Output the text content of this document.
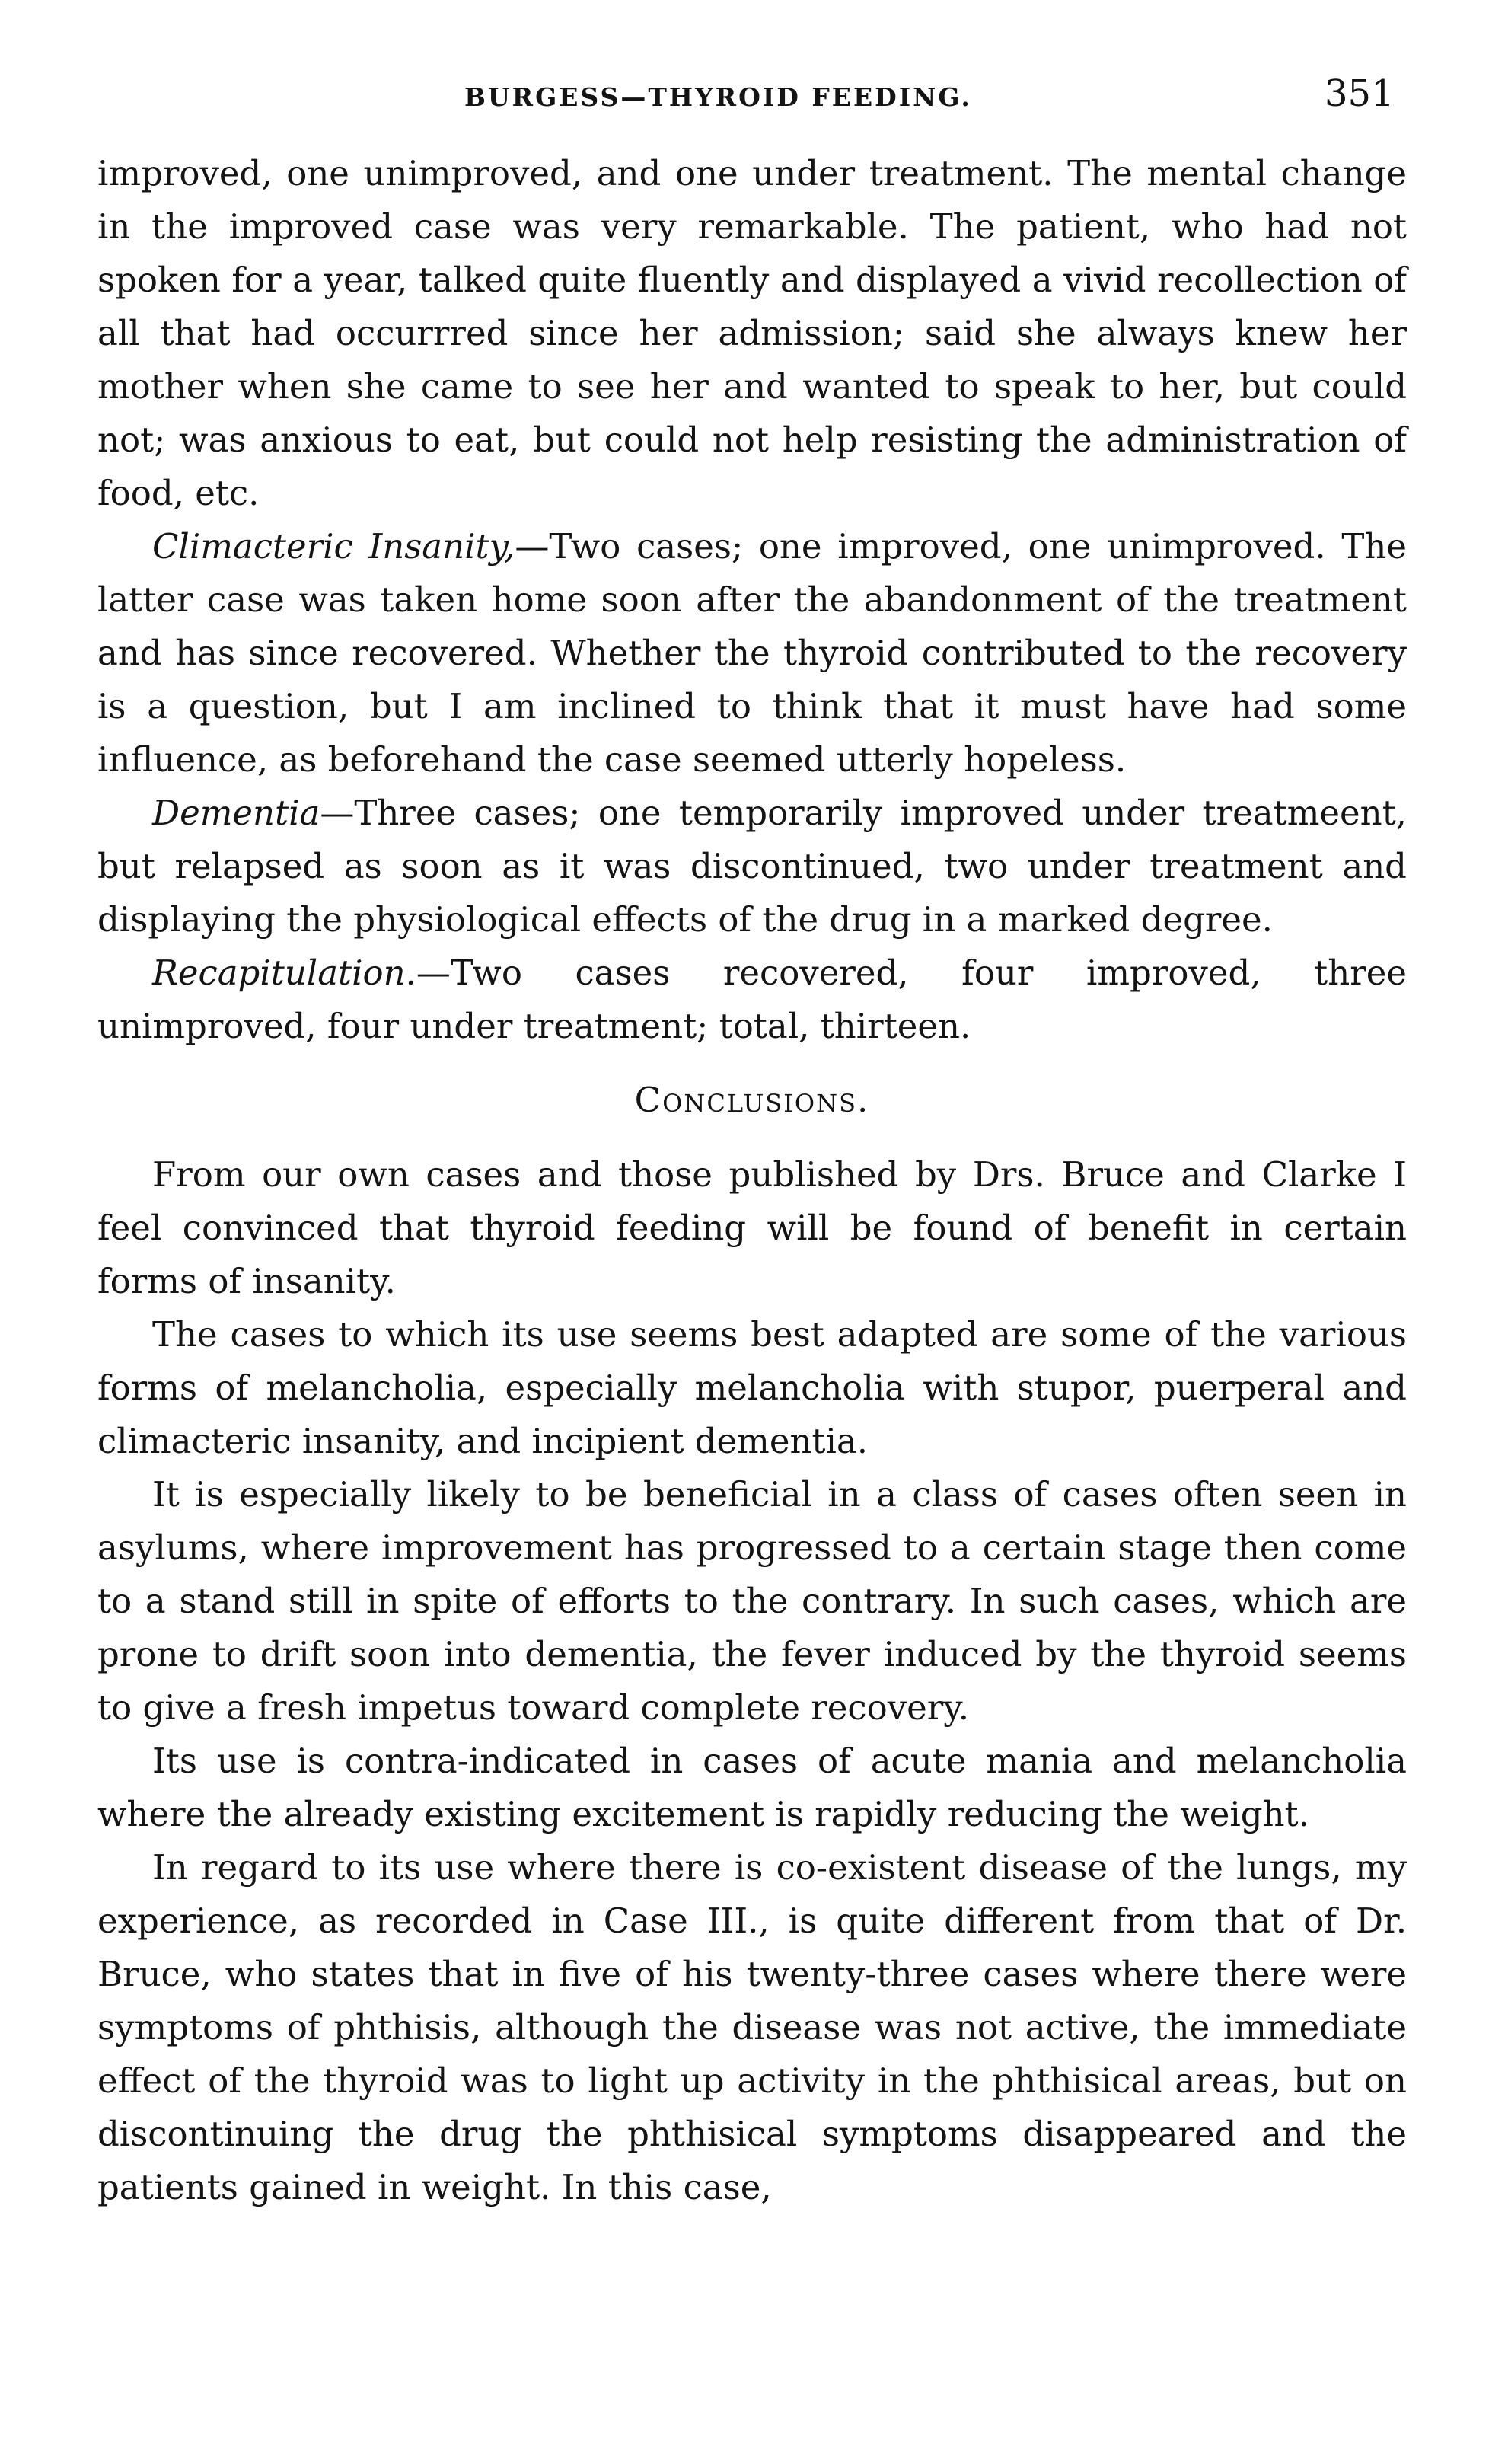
BURGESS—THYROID FEEDING.	351

improved, one unimproved, and one under treatment. The mental change in the improved case was very remarkable. The patient, who had not spoken for a year, talked quite fluently and displayed a vivid recollection of all that had occurrred since her admission; said she always knew her mother when she came to see her and wanted to speak to her, but could not; was anxious to eat, but could not help resisting the administration of food, etc.

Climacteric Insanity,—Two cases; one improved, one unimproved. The latter case was taken home soon after the abandonment of the treatment and has since recovered. Whether the thyroid contributed to the recovery is a question, but I am inclined to think that it must have had some influence, as beforehand the case seemed utterly hopeless.

Dementia—Three cases; one temporarily improved under treatmeent, but relapsed as soon as it was discontinued, two under treatment and displaying the physiological effects of the drug in a marked degree.

Recapitulation.—Two cases recovered, four improved, three unimproved, four under treatment; total, thirteen.

Conclusions.

From our own cases and those published by Drs. Bruce and Clarke I feel convinced that thyroid feeding will be found of benefit in certain forms of insanity.

The cases to which its use seems best adapted are some of the various forms of melancholia, especially melancholia with stupor, puerperal and climacteric insanity, and incipient dementia.

It is especially likely to be beneficial in a class of cases often seen in asylums, where improvement has progressed to a certain stage then come to a stand still in spite of efforts to the contrary. In such cases, which are prone to drift soon into dementia, the fever induced by the thyroid seems to give a fresh impetus toward complete recovery.

Its use is contra-indicated in cases of acute mania and melancholia where the already existing excitement is rapidly reducing the weight.

In regard to its use where there is co-existent disease of the lungs, my experience, as recorded in Case III., is quite different from that of Dr. Bruce, who states that in five of his twenty-three cases where there were symptoms of phthisis, although the disease was not active, the immediate effect of the thyroid was to light up activity in the phthisical areas, but on discontinuing the drug the phthisical symptoms disappeared and the patients gained in weight. In this case,
